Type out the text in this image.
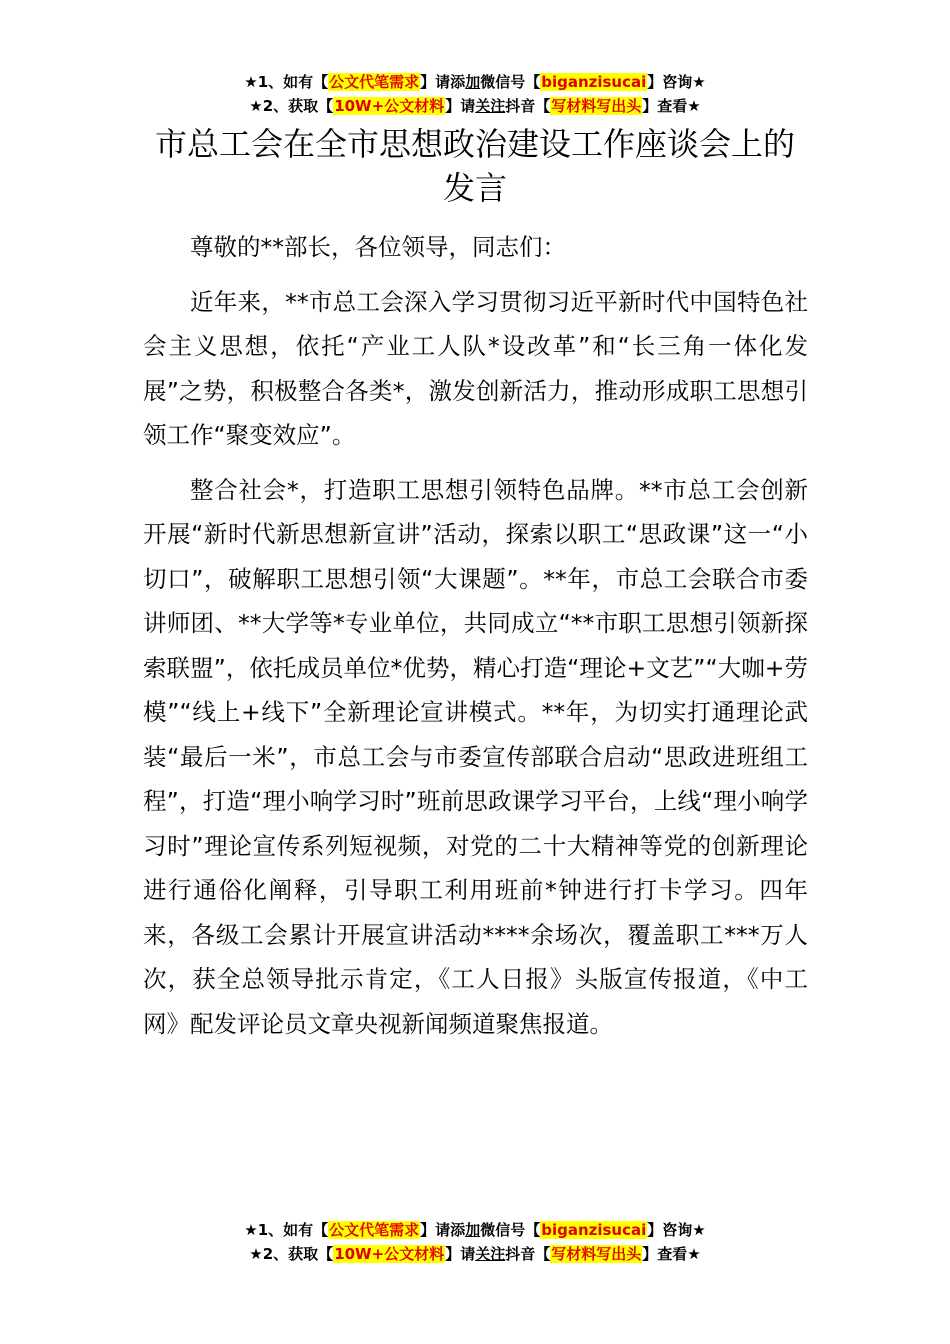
★1、如有【公文代笔需求】请添加微信号【biganzisucai】咨询★
★2、获取【10W+公文材料】请关注抖音【写材料写出头】查看★
市总工会在全市思想政治建设工作座谈会上的发言

尊敬的**部长，各位领导，同志们：

近年来，**市总工会深入学习贯彻习近平新时代中国特色社会主义思想，依托“产业工人队*设改革”和“长三角一体化发展”之势，积极整合各类*，激发创新活力，推动形成职工思想引领工作“聚变效应”。

整合社会*，打造职工思想引领特色品牌。**市总工会创新开展“新时代新思想新宣讲”活动，探索以职工“思政课”这一“小切口”，破解职工思想引领“大课题”。**年，市总工会联合市委讲师团、**大学等*专业单位，共同成立“**市职工思想引领新探索联盟”，依托成员单位*优势，精心打造“理论+文艺”“大咖+劳模”“线上+线下”全新理论宣讲模式。**年，为切实打通理论武装“最后一米”，市总工会与市委宣传部联合启动“思政进班组工程”，打造“理小响学习时”班前思政课学习平台，上线“理小响学习时”理论宣传系列短视频，对党的二十大精神等党的创新理论进行通俗化阐释，引导职工利用班前*钟进行打卡学习。四年来，各级工会累计开展宣讲活动****余场次，覆盖职工***万人次，获全总领导批示肯定，《工人日报》头版宣传报道，《中工网》配发评论员文章央视新闻频道聚焦报道。

★1、如有【公文代笔需求】请添加微信号【biganzisucai】咨询★
★2、获取【10W+公文材料】请关注抖音【写材料写出头】查看★
